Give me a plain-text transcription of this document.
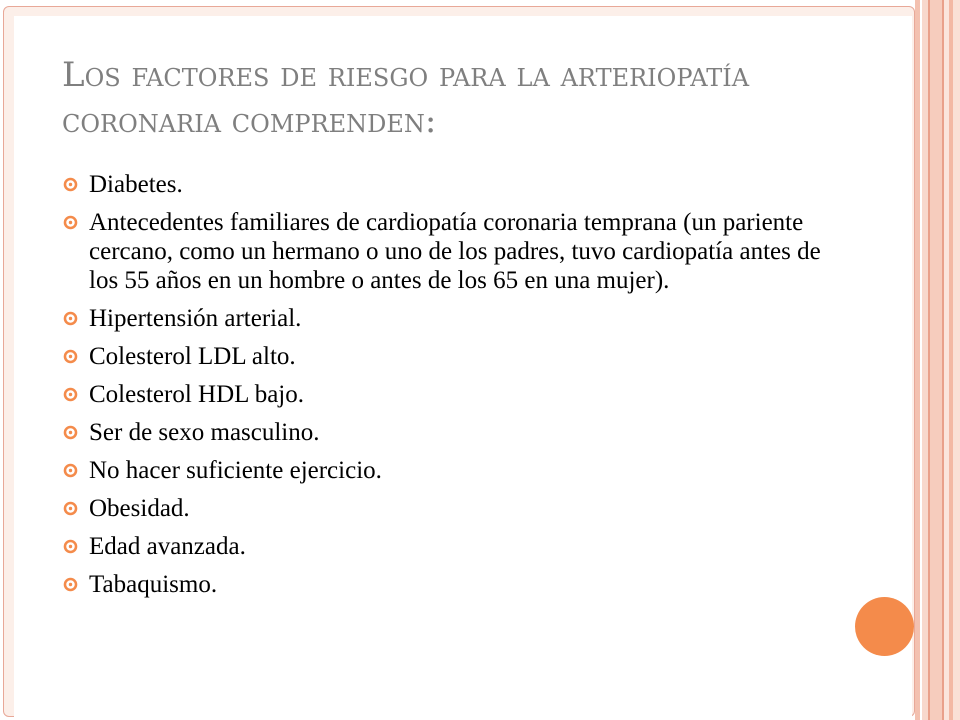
Los factores de riesgo para la arteriopatía coronaria comprenden:
Diabetes.
Antecedentes familiares de cardiopatía coronaria temprana (un pariente cercano, como un hermano o uno de los padres, tuvo cardiopatía antes de los 55 años en un hombre o antes de los 65 en una mujer).
Hipertensión arterial.
Colesterol LDL alto.
Colesterol HDL bajo.
Ser de sexo masculino.
No hacer suficiente ejercicio.
Obesidad.
Edad avanzada.
Tabaquismo.
